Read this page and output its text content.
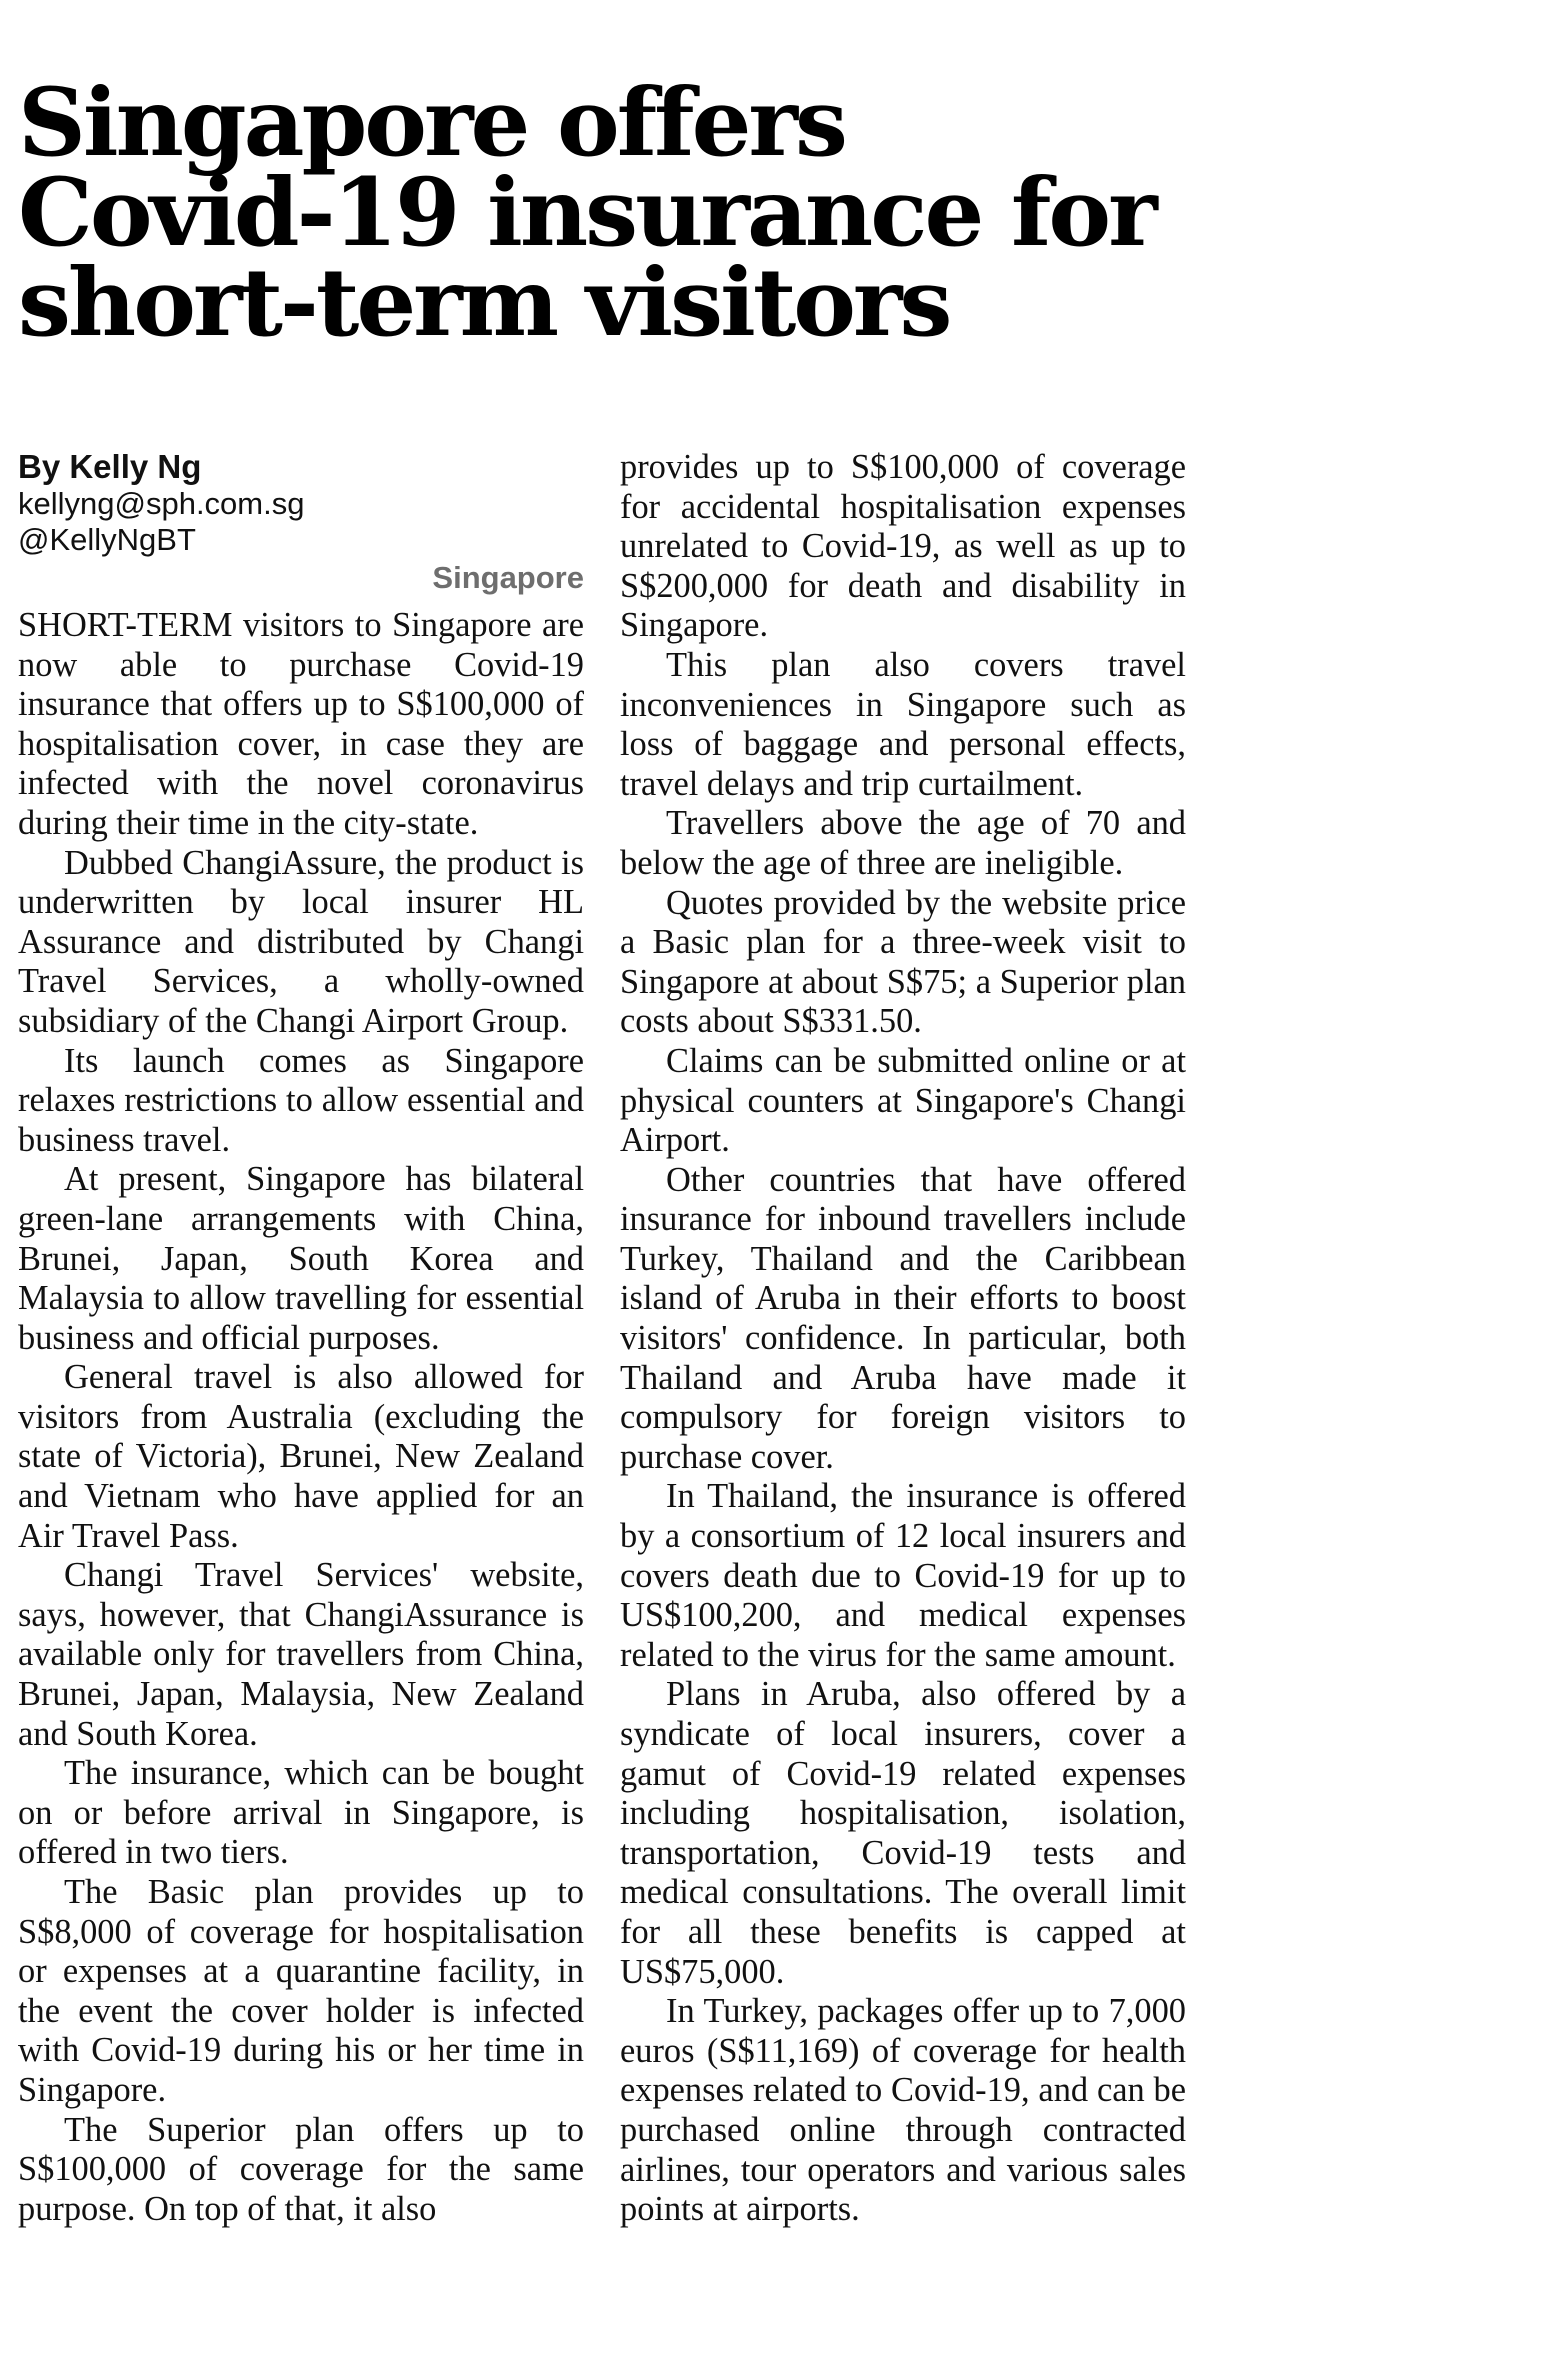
Singapore offers
Covid-19 insurance for
short-term visitors

By Kelly Ng

kellyng@sph.com.sg

@KellyNgBT

Singapore

SHORT-TERM visitors to Singapore are now able to purchase Covid-19 insurance that offers up to S$100,000 of hospitalisation cover, in case they are infected with the novel coronavirus during their time in the city-state.

Dubbed ChangiAssure, the product is underwritten by local insurer HL Assurance and distributed by Changi Travel Services, a wholly-owned subsidiary of the Changi Airport Group.

Its launch comes as Singapore relaxes restrictions to allow essential and business travel.

At present, Singapore has bilateral green-lane arrangements with China, Brunei, Japan, South Korea and Malaysia to allow travelling for essential business and official purposes.

General travel is also allowed for visitors from Australia (excluding the state of Victoria), Brunei, New Zealand and Vietnam who have applied for an Air Travel Pass.

Changi Travel Services' website, says, however, that ChangiAssurance is available only for travellers from China, Brunei, Japan, Malaysia, New Zealand and South Korea.

The insurance, which can be bought on or before arrival in Singapore, is offered in two tiers.

The Basic plan provides up to S$8,000 of coverage for hospitalisation or expenses at a quarantine facility, in the event the cover holder is infected with Covid-19 during his or her time in Singapore.

The Superior plan offers up to S$100,000 of coverage for the same purpose. On top of that, it also

provides up to S$100,000 of coverage for accidental hospitalisation expenses unrelated to Covid-19, as well as up to S$200,000 for death and disability in Singapore.

This plan also covers travel inconveniences in Singapore such as loss of baggage and personal effects, travel delays and trip curtailment.

Travellers above the age of 70 and below the age of three are ineligible.

Quotes provided by the website price a Basic plan for a three-week visit to Singapore at about S$75; a Superior plan costs about S$331.50.

Claims can be submitted online or at physical counters at Singapore's Changi Airport.

Other countries that have offered insurance for inbound travellers include Turkey, Thailand and the Caribbean island of Aruba in their efforts to boost visitors' confidence. In particular, both Thailand and Aruba have made it compulsory for foreign visitors to purchase cover.

In Thailand, the insurance is offered by a consortium of 12 local insurers and covers death due to Covid-19 for up to US$100,200, and medical expenses related to the virus for the same amount.

Plans in Aruba, also offered by a syndicate of local insurers, cover a gamut of Covid-19 related expenses including hospitalisation, isolation, transportation, Covid-19 tests and medical consultations. The overall limit for all these benefits is capped at US$75,000.

In Turkey, packages offer up to 7,000 euros (S$11,169) of coverage for health expenses related to Covid-19, and can be purchased online through contracted airlines, tour operators and various sales points at airports.
